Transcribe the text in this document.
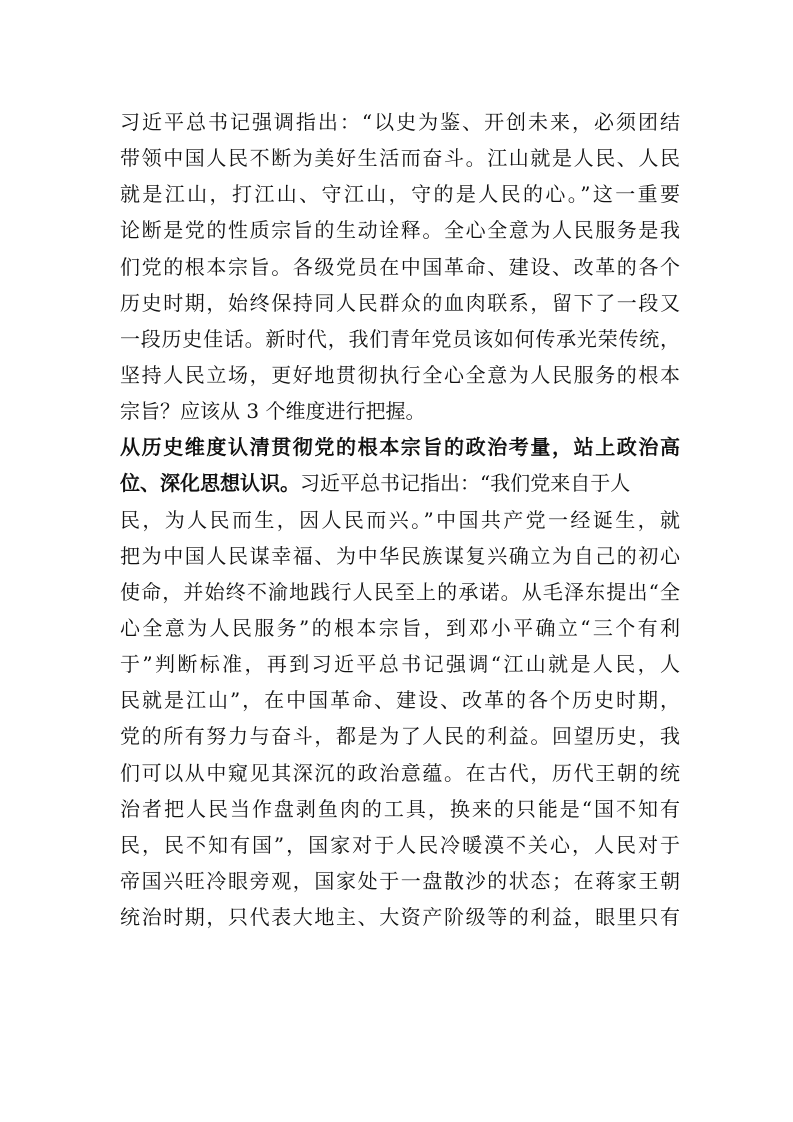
习近平总书记强调指出：“以史为鉴、开创未来，必须团结
带领中国人民不断为美好生活而奋斗。江山就是人民、人民
就是江山，打江山、守江山，守的是人民的心。”这一重要
论断是党的性质宗旨的生动诠释。全心全意为人民服务是我
们党的根本宗旨。各级党员在中国革命、建设、改革的各个
历史时期，始终保持同人民群众的血肉联系，留下了一段又
一段历史佳话。新时代，我们青年党员该如何传承光荣传统，
坚持人民立场，更好地贯彻执行全心全意为人民服务的根本
宗旨？应该从 3 个维度进行把握。
从历史维度认清贯彻党的根本宗旨的政治考量，站上政治高
位、深化思想认识。习近平总书记指出：“我们党来自于人
民，为人民而生，因人民而兴。”中国共产党一经诞生，就
把为中国人民谋幸福、为中华民族谋复兴确立为自己的初心
使命，并始终不渝地践行人民至上的承诺。从毛泽东提出“全
心全意为人民服务”的根本宗旨，到邓小平确立“三个有利
于”判断标准，再到习近平总书记强调“江山就是人民，人
民就是江山”，在中国革命、建设、改革的各个历史时期，
党的所有努力与奋斗，都是为了人民的利益。回望历史，我
们可以从中窥见其深沉的政治意蕴。在古代，历代王朝的统
治者把人民当作盘剥鱼肉的工具，换来的只能是“国不知有
民，民不知有国”，国家对于人民冷暖漠不关心，人民对于
帝国兴旺冷眼旁观，国家处于一盘散沙的状态；在蒋家王朝
统治时期，只代表大地主、大资产阶级等的利益，眼里只有
